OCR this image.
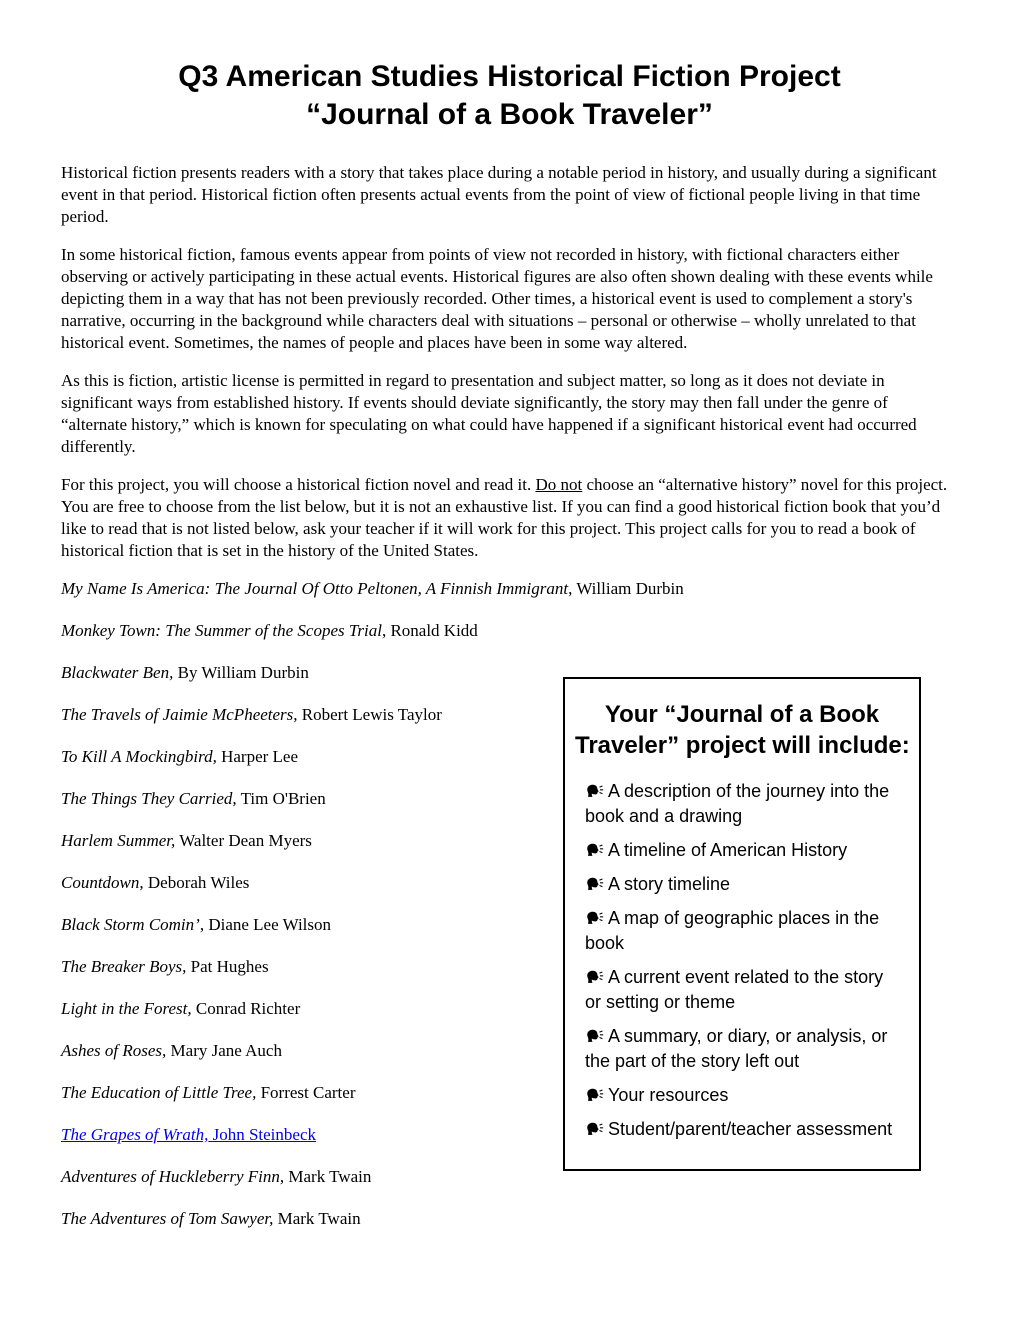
Q3 American Studies Historical Fiction Project
“Journal of a Book Traveler”

Historical fiction presents readers with a story that takes place during a notable period in history, and usually during a significant event in that period. Historical fiction often presents actual events from the point of view of fictional people living in that time period.

In some historical fiction, famous events appear from points of view not recorded in history, with fictional characters either observing or actively participating in these actual events. Historical figures are also often shown dealing with these events while depicting them in a way that has not been previously recorded. Other times, a historical event is used to complement a story's narrative, occurring in the background while characters deal with situations – personal or otherwise – wholly unrelated to that historical event. Sometimes, the names of people and places have been in some way altered.

As this is fiction, artistic license is permitted in regard to presentation and subject matter, so long as it does not deviate in significant ways from established history. If events should deviate significantly, the story may then fall under the genre of “alternate history,” which is known for speculating on what could have happened if a significant historical event had occurred differently.

For this project, you will choose a historical fiction novel and read it. Do not choose an “alternative history” novel for this project. You are free to choose from the list below, but it is not an exhaustive list. If you can find a good historical fiction book that you’d like to read that is not listed below, ask your teacher if it will work for this project. This project calls for you to read a book of historical fiction that is set in the history of the United States.

My Name Is America: The Journal Of Otto Peltonen, A Finnish Immigrant, William Durbin
Monkey Town: The Summer of the Scopes Trial, Ronald Kidd
Blackwater Ben, By William Durbin
The Travels of Jaimie McPheeters, Robert Lewis Taylor
To Kill A Mockingbird, Harper Lee
The Things They Carried, Tim O'Brien
Harlem Summer, Walter Dean Myers
Countdown, Deborah Wiles
Black Storm Comin’, Diane Lee Wilson
The Breaker Boys, Pat Hughes
Light in the Forest, Conrad Richter
Ashes of Roses, Mary Jane Auch
The Education of Little Tree, Forrest Carter
The Grapes of Wrath, John Steinbeck
Adventures of Huckleberry Finn, Mark Twain
The Adventures of Tom Sawyer, Mark Twain
Your “Journal of a Book
Traveler” project will include:
A description of the journey into the book and a drawing
A timeline of American History
A story timeline
A map of geographic places in the book
A current event related to the story or setting or theme
A summary, or diary, or analysis, or the part of the story left out
Your resources
Student/parent/teacher assessment
